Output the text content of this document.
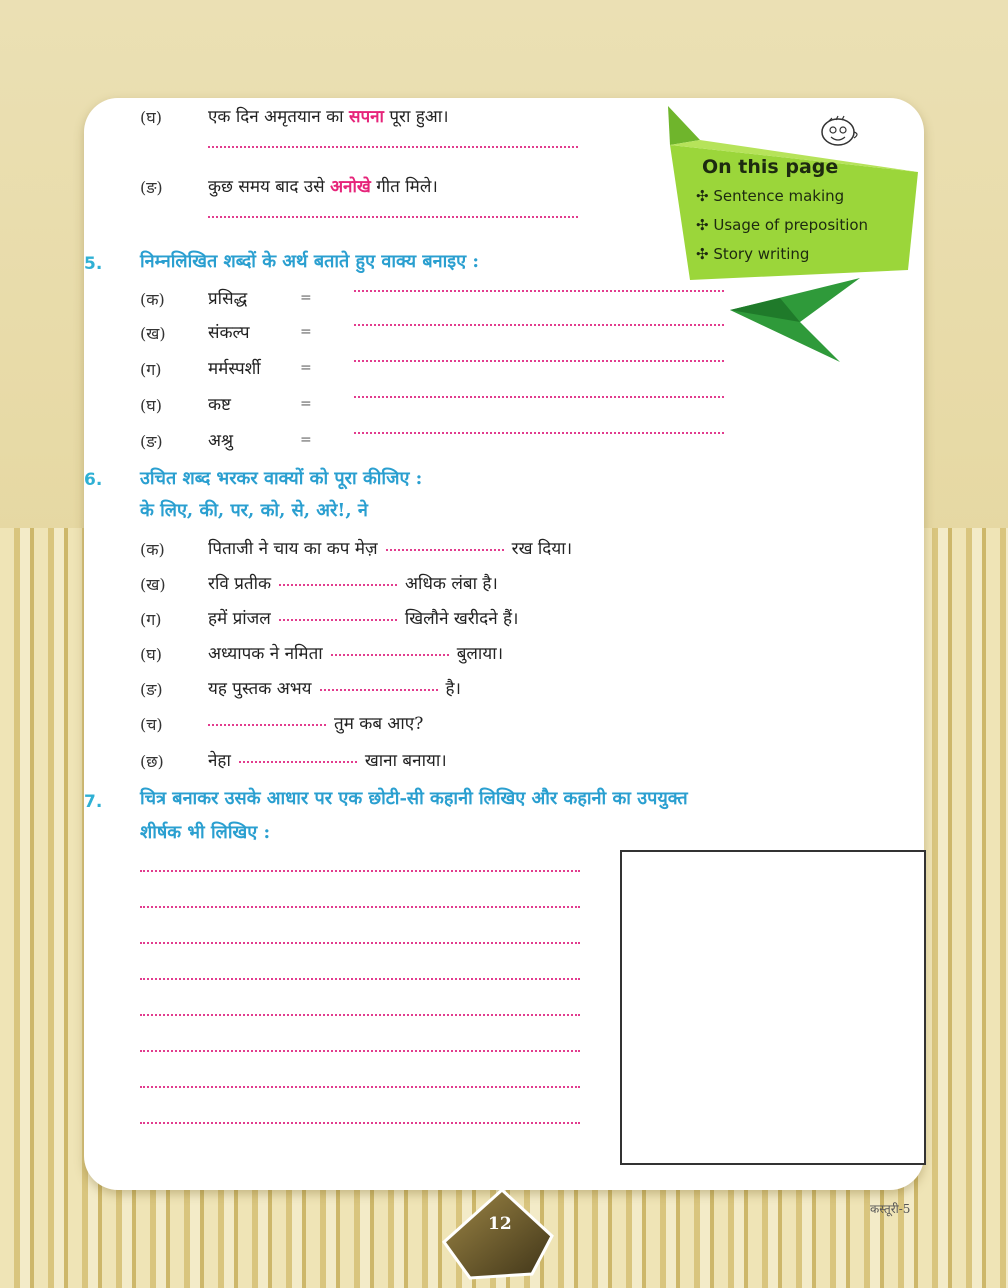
(घ)	एक दिन अमृतयान का सपना पूरा हुआ।
(ङ)	कुछ समय बाद उसे अनोखे गीत मिले।
On this page
✣ Sentence making
✣ Usage of preposition
✣ Story writing
5. निम्नलिखित शब्दों के अर्थ बताते हुए वाक्य बनाइए :
(क)	प्रसिद्ध	=
(ख) संकल्प	=
(ग)	मर्मस्पर्शी	=
(घ)	कष्ट	=
(ङ)	अश्रु	=
6. उचित शब्द भरकर वाक्यों को पूरा कीजिए :
के लिए, की, पर, को, से, अरे!, ने
(क)	पिताजी ने चाय का कप मेज़	रख दिया।
(ख) रवि प्रतीक	अधिक लंबा है।
(ग)	हमें प्रांजल	खिलौने खरीदने हैं।
(घ)	अध्यापक ने नमिता	बुलाया।
(ङ)	यह पुस्तक अभय	है।
(च)	तुम कब आए?
(छ)	नेहा	खाना बनाया।
7. चित्र बनाकर उसके आधार पर एक छोटी-सी कहानी लिखिए और कहानी का उपयुक्त
शीर्षक भी लिखिए :
12
कस्तूरी-5
